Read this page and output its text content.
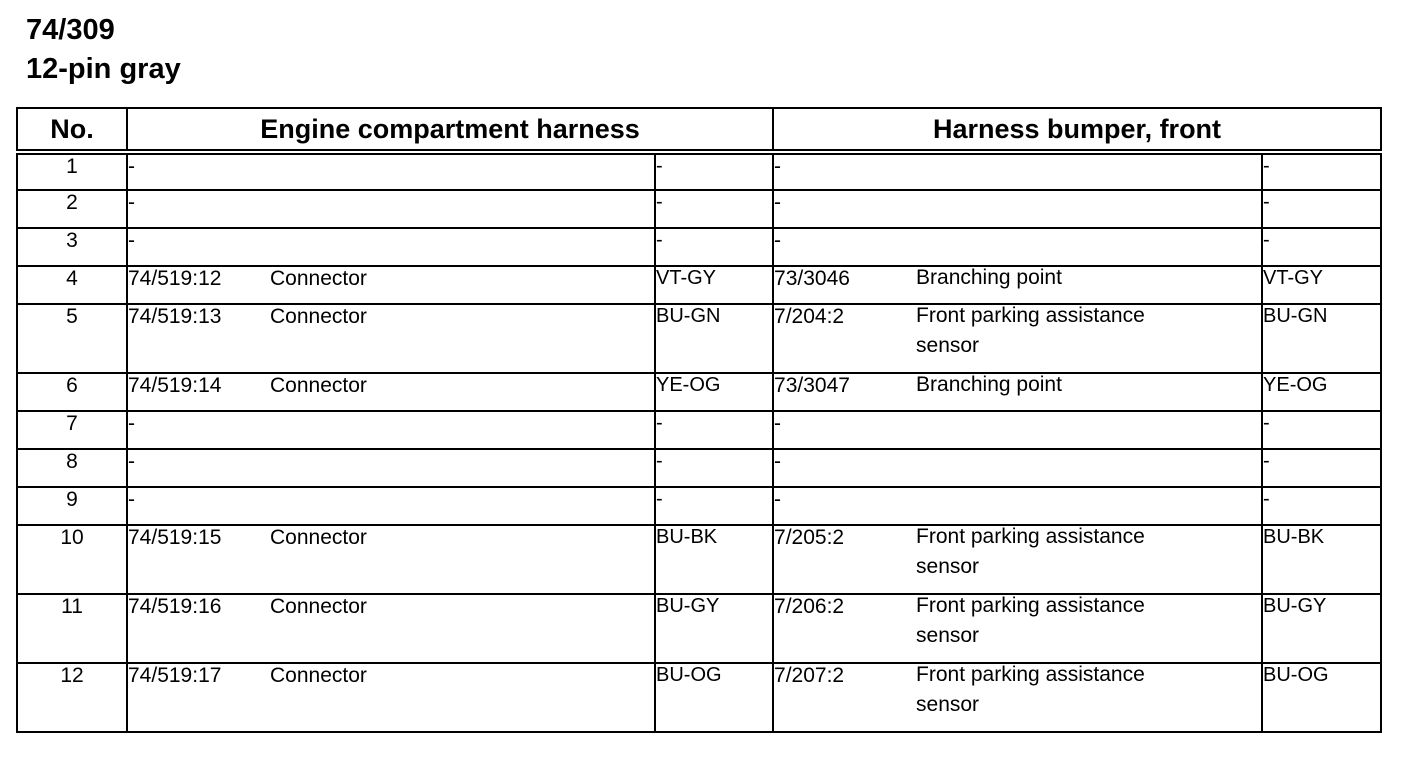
74/309
12-pin gray
No.	Engine compartment harness		Harness bumper, front	
1	-	-	-	-
2	-	-	-	-
3	-	-	-	-
4	74/519:12 Connector	VT-GY	73/3046 Branching point	VT-GY
5	74/519:13 Connector	BU-GN	7/204:2 Front parking assistance sensor	BU-GN
6	74/519:14 Connector	YE-OG	73/3047 Branching point	YE-OG
7	-	-	-	-
8	-	-	-	-
9	-	-	-	-
10	74/519:15 Connector	BU-BK	7/205:2 Front parking assistance sensor	BU-BK
11	74/519:16 Connector	BU-GY	7/206:2 Front parking assistance sensor	BU-GY
12	74/519:17 Connector	BU-OG	7/207:2 Front parking assistance sensor	BU-OG
